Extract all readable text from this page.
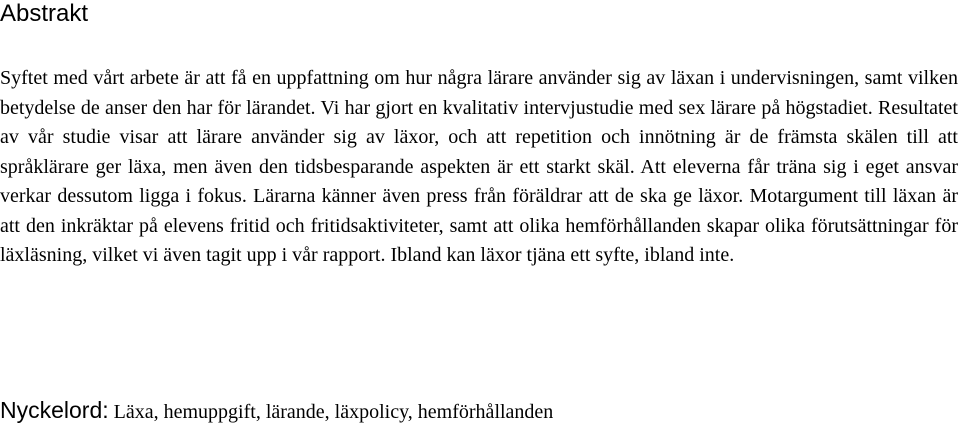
Abstrakt

Syftet med vårt arbete är att få en uppfattning om hur några lärare använder sig av läxan i undervisningen, samt vilken betydelse de anser den har för lärandet. Vi har gjort en kvalitativ intervjustudie med sex lärare på högstadiet. Resultatet av vår studie visar att lärare använder sig av läxor, och att repetition och innötning är de främsta skälen till att språklärare ger läxa, men även den tidsbesparande aspekten är ett starkt skäl. Att eleverna får träna sig i eget ansvar verkar dessutom ligga i fokus. Lärarna känner även press från föräldrar att de ska ge läxor. Motargument till läxan är att den inkräktar på elevens fritid och fritidsaktiviteter, samt att olika hemförhållanden skapar olika förutsättningar för läxläsning, vilket vi även tagit upp i vår rapport. Ibland kan läxor tjäna ett syfte, ibland inte.

Nyckelord: Läxa, hemuppgift, lärande, läxpolicy, hemförhållanden
